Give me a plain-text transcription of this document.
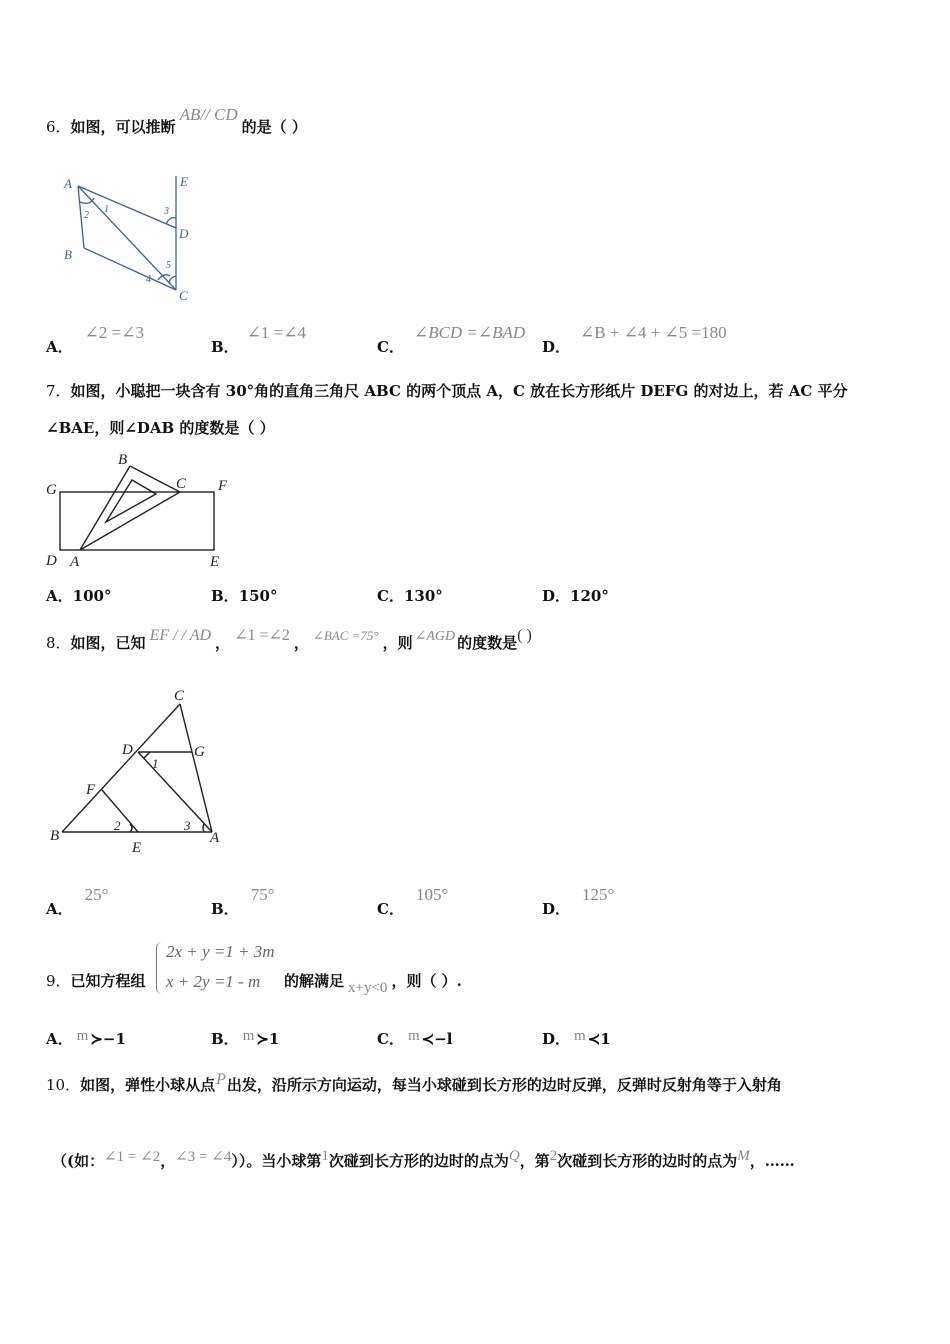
6．如图，可以推断AB// CD的是（ ）
A
B
C
D
E
1
2	3
4
5
A．∠2 =∠3
B．∠1 =∠4
C．∠BCD =∠BAD
D．∠B + ∠4 + ∠5 =180
7．如图，小聪把一块含有 30°角的直角三角尺 ABC 的两个顶点 A，C 放在长方形纸片 DEFG 的对边上，若 AC 平分
∠BAE，则∠DAB 的度数是（ ）
G	F
D A	E
B
C
A．100°	B．150°	C．130°	D．120°
8．如图，已知 EF / / AD ， ∠1 =∠2 ， ∠BAC =75° ，则 ∠AGD 的度数是( )
C
D	G
F
B
E
A
1
2	3
A．25°
B．75°
C．105°
D．125°
9．已知方程组
2x + y =1 + 3m
x + 2y =1 - m 的解满足 x+y<0 ，则（ ）.
A． m ≻−1	B． m ≻1	C． m ≺−l	D． m ≺1
10．如图，弹性小球从点P出发，沿所示方向运动，每当小球碰到长方形的边时反弹，反弹时反射角等于入射角
（(如：∠1 = ∠2，∠3 = ∠4））。当小球第1次碰到长方形的边时的点为Q，第2次碰到长方形的边时的点为M，……
